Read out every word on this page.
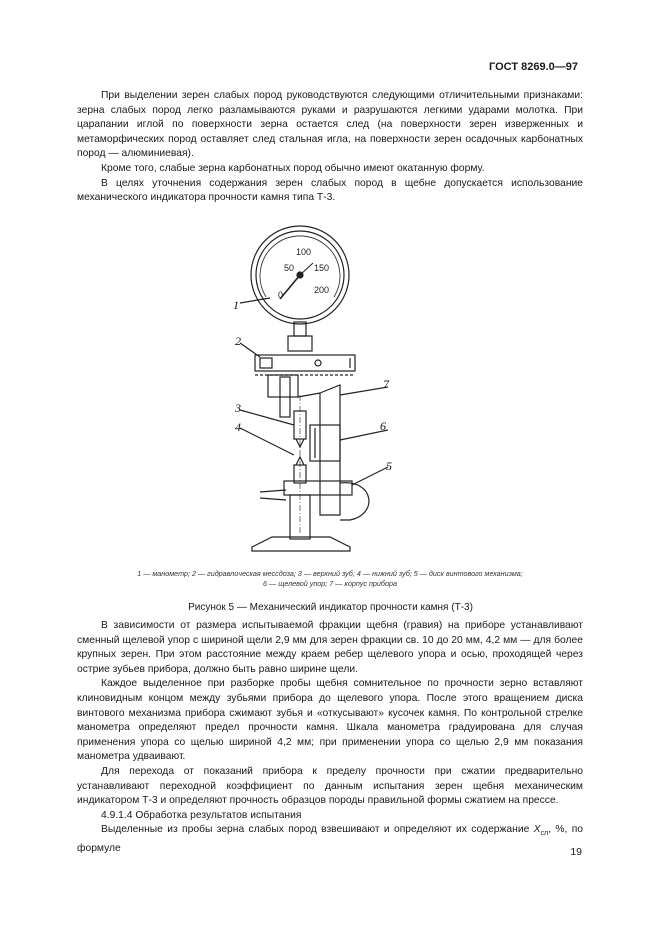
ГОСТ 8269.0—97

При выделении зерен слабых пород руководствуются следующими отличительными признаками: зерна слабых пород легко разламываются руками и разрушаются легкими ударами молотка. При царапании иглой по поверхности зерна остается след (на поверхности зерен изверженных и метаморфических пород оставляет след стальная игла, на поверхности зерен осадочных карбонатных пород — алюминиевая).

Кроме того, слабые зерна карбонатных пород обычно имеют окатанную форму.

В целях уточнения содержания зерен слабых пород в щебне допускается использование механического индикатора прочности камня типа Т-3.

0
50
100
150
200
1
2
3
4
5
6
7
1 — манометр; 2 — гидравлическая мессдоза; 3 — верхний зуб; 4 — нижний зуб; 5 — диск винтового механизма;
6 — щелевой упор; 7 — корпус прибора
Рисунок 5 — Механический индикатор прочности камня (Т-3)

В зависимости от размера испытываемой фракции щебня (гравия) на приборе устанавливают сменный щелевой упор с шириной щели 2,9 мм для зерен фракции св. 10 до 20 мм, 4,2 мм — для более крупных зерен. При этом расстояние между краем ребер щелевого упора и осью, проходящей через острие зубьев прибора, должно быть равно ширине щели.

Каждое выделенное при разборке пробы щебня сомнительное по прочности зерно вставляют клиновидным концом между зубьями прибора до щелевого упора. После этого вращением диска винтового механизма прибора сжимают зубья и «откусывают» кусочек камня. По контрольной стрелке манометра определяют предел прочности камня. Шкала манометра градуирована для случая применения упора со щелью шириной 4,2 мм; при применении упора со щелью 2,9 мм показания манометра удваивают.

Для перехода от показаний прибора к пределу прочности при сжатии предварительно устанавливают переходной коэффициент по данным испытания зерен щебня механическим индикатором Т-3 и определяют прочность образцов породы правильной формы сжатием на прессе.

4.9.1.4 Обработка результатов испытания

Выделенные из пробы зерна слабых пород взвешивают и определяют их содержание $X_{сл}$, %, по формуле	19
